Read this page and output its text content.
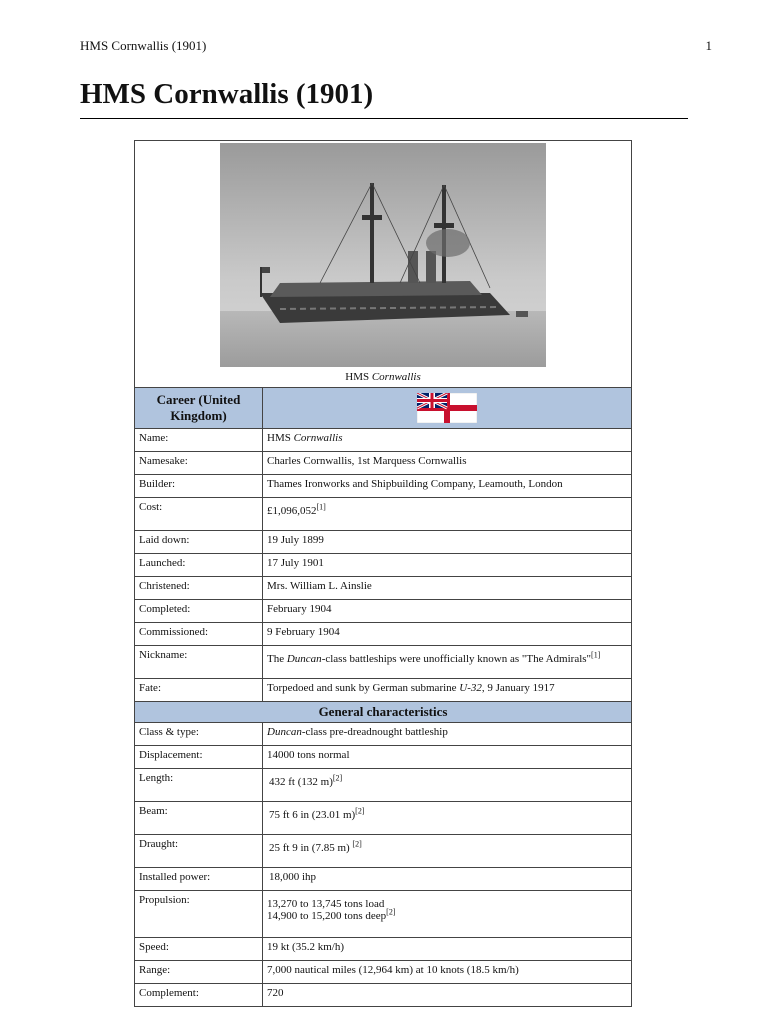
HMS Cornwallis (1901)	1
HMS Cornwallis (1901)
HMS Cornwallis	

Career (United Kingdom)	

Name:	HMS Cornwallis
Namesake:	Charles Cornwallis, 1st Marquess Cornwallis
Builder:	Thames Ironworks and Shipbuilding Company, Leamouth, London
Cost:	£1,096,052[1]
Laid down:	19 July 1899
Launched:	17 July 1901
Christened:	Mrs. William L. Ainslie
Completed:	February 1904
Commissioned:	9 February 1904
Nickname:	The Duncan-class battleships were unofficially known as "The Admirals"[1]
Fate:	Torpedoed and sunk by German submarine U-32, 9 January 1917
General characteristics	
Class & type:	Duncan-class pre-dreadnought battleship
Displacement:	14000 tons normal
Length:	432 ft (132 m)[2]
Beam:	75 ft 6 in (23.01 m)[2]
Draught:	25 ft 9 in (7.85 m) [2]
Installed power:	18,000 ihp
Propulsion:	13,270 to 13,745 tons load
14,900 to 15,200 tons deep[2]

Speed:	19 kt (35.2 km/h)
Range:	7,000 nautical miles (12,964 km) at 10 knots (18.5 km/h)
Complement:	720
